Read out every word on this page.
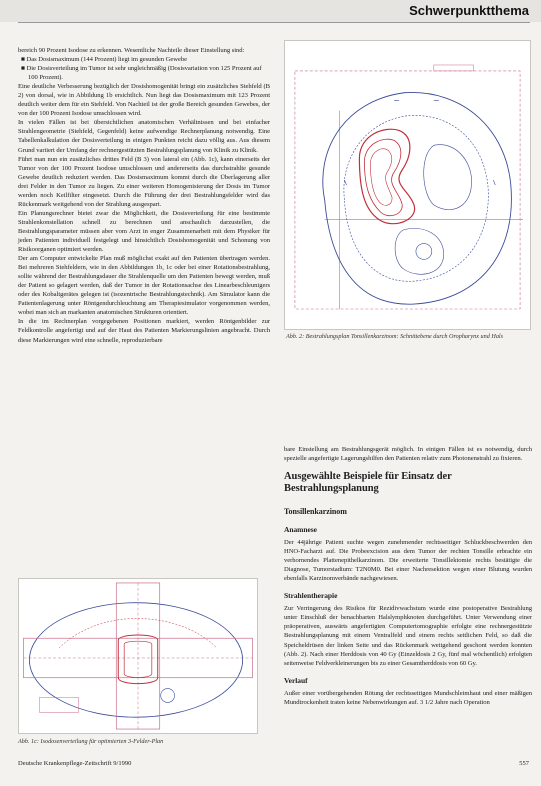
Schwerpunktthema

bereich 90 Prozent Isodose zu erkennen. Wesentliche Nachteile dieser Einstellung sind:

■ Das Dosismaximum (144 Prozent) liegt im gesunden Gewebe

■ Die Dosisverteilung im Tumor ist sehr ungleichmäßig (Dosisvariation von 125 Prozent auf 100 Prozent).

Eine deutliche Verbesserung bezüglich der Dosishomogenität bringt ein zusätzliches Stehfeld (B 2) von dorsal, wie in Abbildung 1b ersichtlich. Nun liegt das Dosismaximum mit 123 Prozent deutlich weiter dem für ein Stehfeld. Von Nachteil ist der große Bereich gesunden Gewebes, der von der 100 Prozent Isodose umschlossen wird.

In vielen Fällen ist bei übersichtlichen anatomischen Verhältnissen und bei einfacher Strahlengeometrie (Stehfeld, Gegenfeld) keine aufwendige Rechnerplanung notwendig. Eine Tabellenkalkulation der Dosisverteilung in einigen Punkten reicht dazu völlig aus. Aus diesem Grund variiert der Umfang der rechnergestützten Bestrahlungsplanung von Klinik zu Klinik.

Führt man nun ein zusätzliches drittes Feld (B 3) von lateral ein (Abb. 1c), kann einerseits der Tumor von der 100 Prozent Isodose umschlossen und andererseits das durchstrahlte gesunde Gewebe deutlich reduziert werden. Das Dosismaximum kommt durch die Überlagerung aller drei Felder in den Tumor zu liegen. Zu einer weiteren Homogenisierung der Dosis im Tumor werden noch Keilfilter eingesetzt. Durch die Führung der drei Bestrahlungsfelder wird das Rückenmark weitgehend von der Strahlung ausgespart.

Ein Planungsrechner bietet zwar die Möglichkeit, die Dosisverteilung für eine bestimmte Strahlenkonstellation schnell zu berechnen und anschaulich darzustellen, die Bestrahlungsparameter müssen aber vom Arzt in enger Zusammenarbeit mit dem Physiker für jeden Patienten individuell festgelegt und hinsichtlich Dosishomogenität und Schonung von Risikoorganen optimiert werden.

Der am Computer entwickelte Plan muß möglichst exakt auf den Patienten übertragen werden. Bei mehreren Stehfeldern, wie in den Abbildungen 1b, 1c oder bei einer Rotationsbestrahlung, sollte während der Bestrahlungsdauer die Strahlenquelle um den Patienten bewegt werden, muß der Patient so gelagert werden, daß der Tumor in der Rotationsachse des Linearbeschleunigers oder des Kobaltgerätes gelegen ist (isozentrische Bestrahlungstechnik). Am Simulator kann die Patientenlagerung unter Röntgendurchleuchtung am Therapiesimulator vorgenommen werden, wobei man sich an markanten anatomischen Strukturen orientiert.

In die im Rechnerplan vorgegebenen Positionen markiert, werden Röntgenbilder zur Feldkontrolle angefertigt und auf der Haut des Patienten Markierungslinien angebracht. Durch diese Markierungen wird eine schnelle, reproduzierbare	Abb. 2: Bestrahlungsplan Tonsillenkarzinom: Schnittebene durch Oropharynx und Hals
Abb. 1c: Isodosenverteilung für optimierten 3-Felder-Plan

bare Einstellung am Bestrahlungsgerät möglich. In einigen Fällen ist es notwendig, durch spezielle angefertigte Lagerungshilfen den Patienten relativ zum Photonenstrahl zu fixieren.

Ausgewählte Beispiele für Einsatz der Bestrahlungsplanung
Tonsillenkarzinom
Anamnese

Der 44jährige Patient suchte wegen zunehmender rechtsseitiger Schluckbeschwerden den HNO-Facharzt auf. Die Probeexcision aus dem Tumor der rechten Tonsille erbrachte ein verhornendes Plattenepithelkarzinom. Die erweiterte Tonsillektomie rechts bestätigte die Diagnose, Tumorstadium: T2N0M0. Bei einer Nachresektion wegen einer Blutung wurden ebenfalls Karzinomverbände nachgewiesen.

Strahlentherapie

Zur Verringerung des Risikos für Rezidivwachstum wurde eine postoperative Bestrahlung unter Einschluß der benachbarten Halslymphknoten durchgeführt. Unter Verwendung einer präoperativen, auswärts angefertigten Computertomographie erfolgte eine rechnergestützte Bestrahlungsplanung mit einem Ventralfeld und einem rechts seitlichen Feld, so daß die Speicheldrüsen der linken Seite und das Rückenmark weitgehend geschont werden konnten (Abb. 2). Nach einer Herddosis von 40 Gy (Einzeldosis 2 Gy, fünf mal wöchentlich) erfolgten seitenweise Feldverkleinerungen bis zu einer Gesamtherddosis von 60 Gy.

Verlauf

Außer einer vorübergehenden Rötung der rechtsseitigen Mundschleimhaut und einer mäßigen Mundtrockenheit traten keine Nebenwirkungen auf. 3 1/2 Jahre nach Operation

Deutsche Krankenpflege-Zeitschrift 9/1990	557
